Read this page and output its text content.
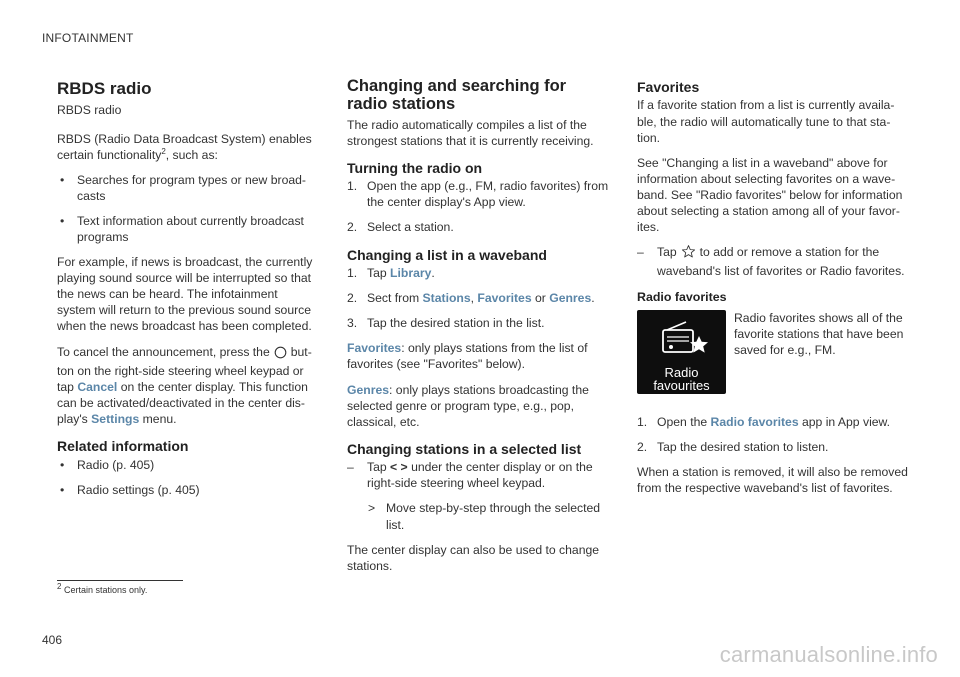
INFOTAINMENT
RBDS radio
RBDS radio

RBDS (Radio Data Broadcast System) enables certain functionality$^2$, such as:

• Searches for program types or new broadcasts
• Text information about currently broadcast programs

For example, if news is broadcast, the currently playing sound source will be interrupted so that the news can be heard. The infotainment system will return to the previous sound source when the news broadcast has been completed.

To cancel the announcement, press the button on the right-side steering wheel keypad or tap Cancel on the center display. This function can be activated/deactivated in the center display's Settings menu.

Related information
• Radio (p. 405)
• Radio settings (p. 405)
Changing and searching for radio stations

The radio automatically compiles a list of the strongest stations that it is currently receiving.

Turning the radio on
1. Open the app (e.g., FM, radio favorites) from the center display's App view.
2. Select a station.
Changing a list in a waveband
1. Tap Library.
2. Sect from Stations, Favorites or Genres.
3. Tap the desired station in the list.

Favorites: only plays stations from the list of favorites (see "Favorites" below).

Genres: only plays stations broadcasting the selected genre or program type, e.g., pop, classical, etc.

Changing stations in a selected list
– Tap < > under the center display or on the right-side steering wheel keypad.
> Move step-by-step through the selected list.

The center display can also be used to change stations.

Favorites

If a favorite station from a list is currently available, the radio will automatically tune to that station.

See "Changing a list in a waveband" above for information about selecting favorites on a waveband. See "Radio favorites" below for information about selecting a station among all of your favorites.

– Tap to add or remove a station for the waveband's list of favorites or Radio favorites.
Radio favorites
Radio
favourites

Radio favorites shows all of the favorite stations that have been saved for e.g., FM.

1. Open the Radio favorites app in App view.
2. Tap the desired station to listen.

When a station is removed, it will also be removed from the respective waveband's list of favorites.

$^2$ Certain stations only.
406
carmanualsonline.info
